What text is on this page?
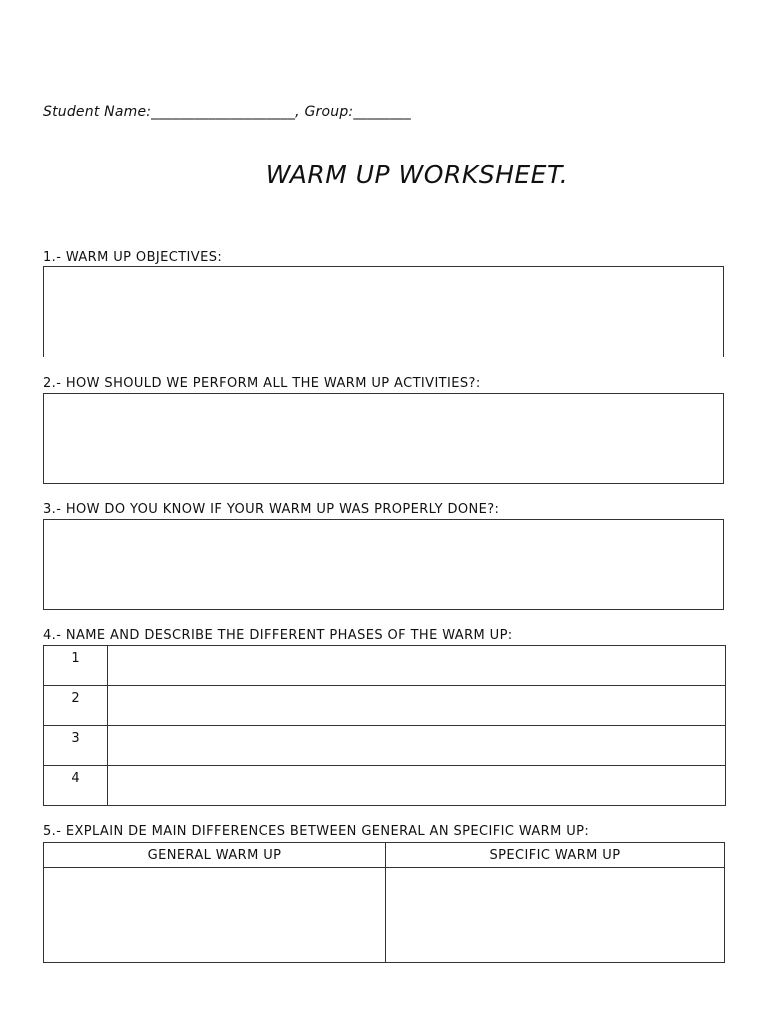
Student Name:____________________, Group:________
WARM UP WORKSHEET.
1.- WARM UP OBJECTIVES:
2.- HOW SHOULD WE PERFORM ALL THE WARM UP ACTIVITIES?:
3.- HOW DO YOU KNOW IF YOUR WARM UP WAS PROPERLY DONE?:
4.- NAME AND DESCRIBE THE DIFFERENT PHASES OF THE WARM UP:
1	
2	
3	
4	
5.- EXPLAIN DE MAIN DIFFERENCES BETWEEN GENERAL AN SPECIFIC WARM UP:
GENERAL WARM UP	SPECIFIC WARM UP
